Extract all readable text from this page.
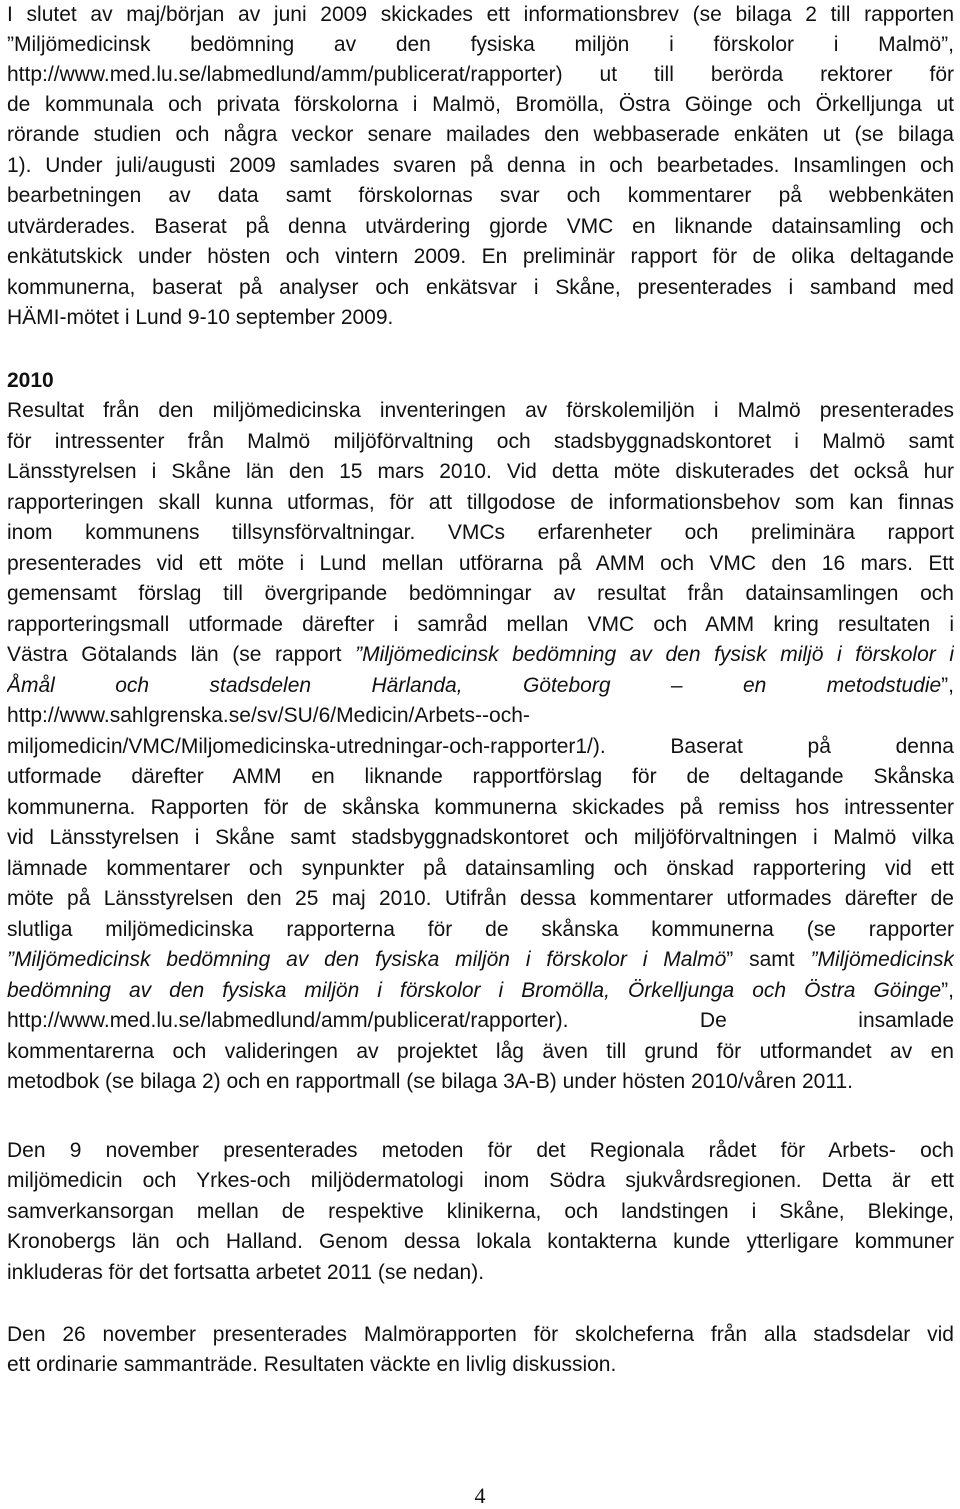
I slutet av maj/början av juni 2009 skickades ett informationsbrev (se bilaga 2 till rapporten
”Miljömedicinsk bedömning av den fysiska miljön i förskolor i Malmö”,
http://www.med.lu.se/labmedlund/amm/publicerat/rapporter) ut till berörda rektorer för
de kommunala och privata förskolorna i Malmö, Bromölla, Östra Göinge och Örkelljunga ut
rörande studien och några veckor senare mailades den webbaserade enkäten ut (se bilaga
1). Under juli/augusti 2009 samlades svaren på denna in och bearbetades. Insamlingen och
bearbetningen av data samt förskolornas svar och kommentarer på webbenkäten
utvärderades. Baserat på denna utvärdering gjorde VMC en liknande datainsamling och
enkätutskick under hösten och vintern 2009. En preliminär rapport för de olika deltagande
kommunerna, baserat på analyser och enkätsvar i Skåne, presenterades i samband med
HÄMI-mötet i Lund 9-10 september 2009.
2010
Resultat från den miljömedicinska inventeringen av förskolemiljön i Malmö presenterades
för intressenter från Malmö miljöförvaltning och stadsbyggnadskontoret i Malmö samt
Länsstyrelsen i Skåne län den 15 mars 2010. Vid detta möte diskuterades det också hur
rapporteringen skall kunna utformas, för att tillgodose de informationsbehov som kan finnas
inom kommunens tillsynsförvaltningar. VMCs erfarenheter och preliminära rapport
presenterades vid ett möte i Lund mellan utförarna på AMM och VMC den 16 mars. Ett
gemensamt förslag till övergripande bedömningar av resultat från datainsamlingen och
rapporteringsmall utformade därefter i samråd mellan VMC och AMM kring resultaten i
Västra Götalands län (se rapport ”Miljömedicinsk bedömning av den fysisk miljö i förskolor i
Åmål och stadsdelen Härlanda, Göteborg – en metodstudie”,
http://www.sahlgrenska.se/sv/SU/6/Medicin/Arbets--och-
miljomedicin/VMC/Miljomedicinska-utredningar-och-rapporter1/). Baserat på denna
utformade därefter AMM en liknande rapportförslag för de deltagande Skånska
kommunerna. Rapporten för de skånska kommunerna skickades på remiss hos intressenter
vid Länsstyrelsen i Skåne samt stadsbyggnadskontoret och miljöförvaltningen i Malmö vilka
lämnade kommentarer och synpunkter på datainsamling och önskad rapportering vid ett
möte på Länsstyrelsen den 25 maj 2010. Utifrån dessa kommentarer utformades därefter de
slutliga miljömedicinska rapporterna för de skånska kommunerna (se rapporter
”Miljömedicinsk bedömning av den fysiska miljön i förskolor i Malmö” samt ”Miljömedicinsk
bedömning av den fysiska miljön i förskolor i Bromölla, Örkelljunga och Östra Göinge”,
http://www.med.lu.se/labmedlund/amm/publicerat/rapporter). De insamlade
kommentarerna och valideringen av projektet låg även till grund för utformandet av en
metodbok (se bilaga 2) och en rapportmall (se bilaga 3A-B) under hösten 2010/våren 2011.
Den 9 november presenterades metoden för det Regionala rådet för Arbets- och
miljömedicin och Yrkes-och miljödermatologi inom Södra sjukvårdsregionen. Detta är ett
samverkansorgan mellan de respektive klinikerna, och landstingen i Skåne, Blekinge,
Kronobergs län och Halland. Genom dessa lokala kontakterna kunde ytterligare kommuner
inkluderas för det fortsatta arbetet 2011 (se nedan).
Den 26 november presenterades Malmörapporten för skolcheferna från alla stadsdelar vid
ett ordinarie sammanträde. Resultaten väckte en livlig diskussion.
4
